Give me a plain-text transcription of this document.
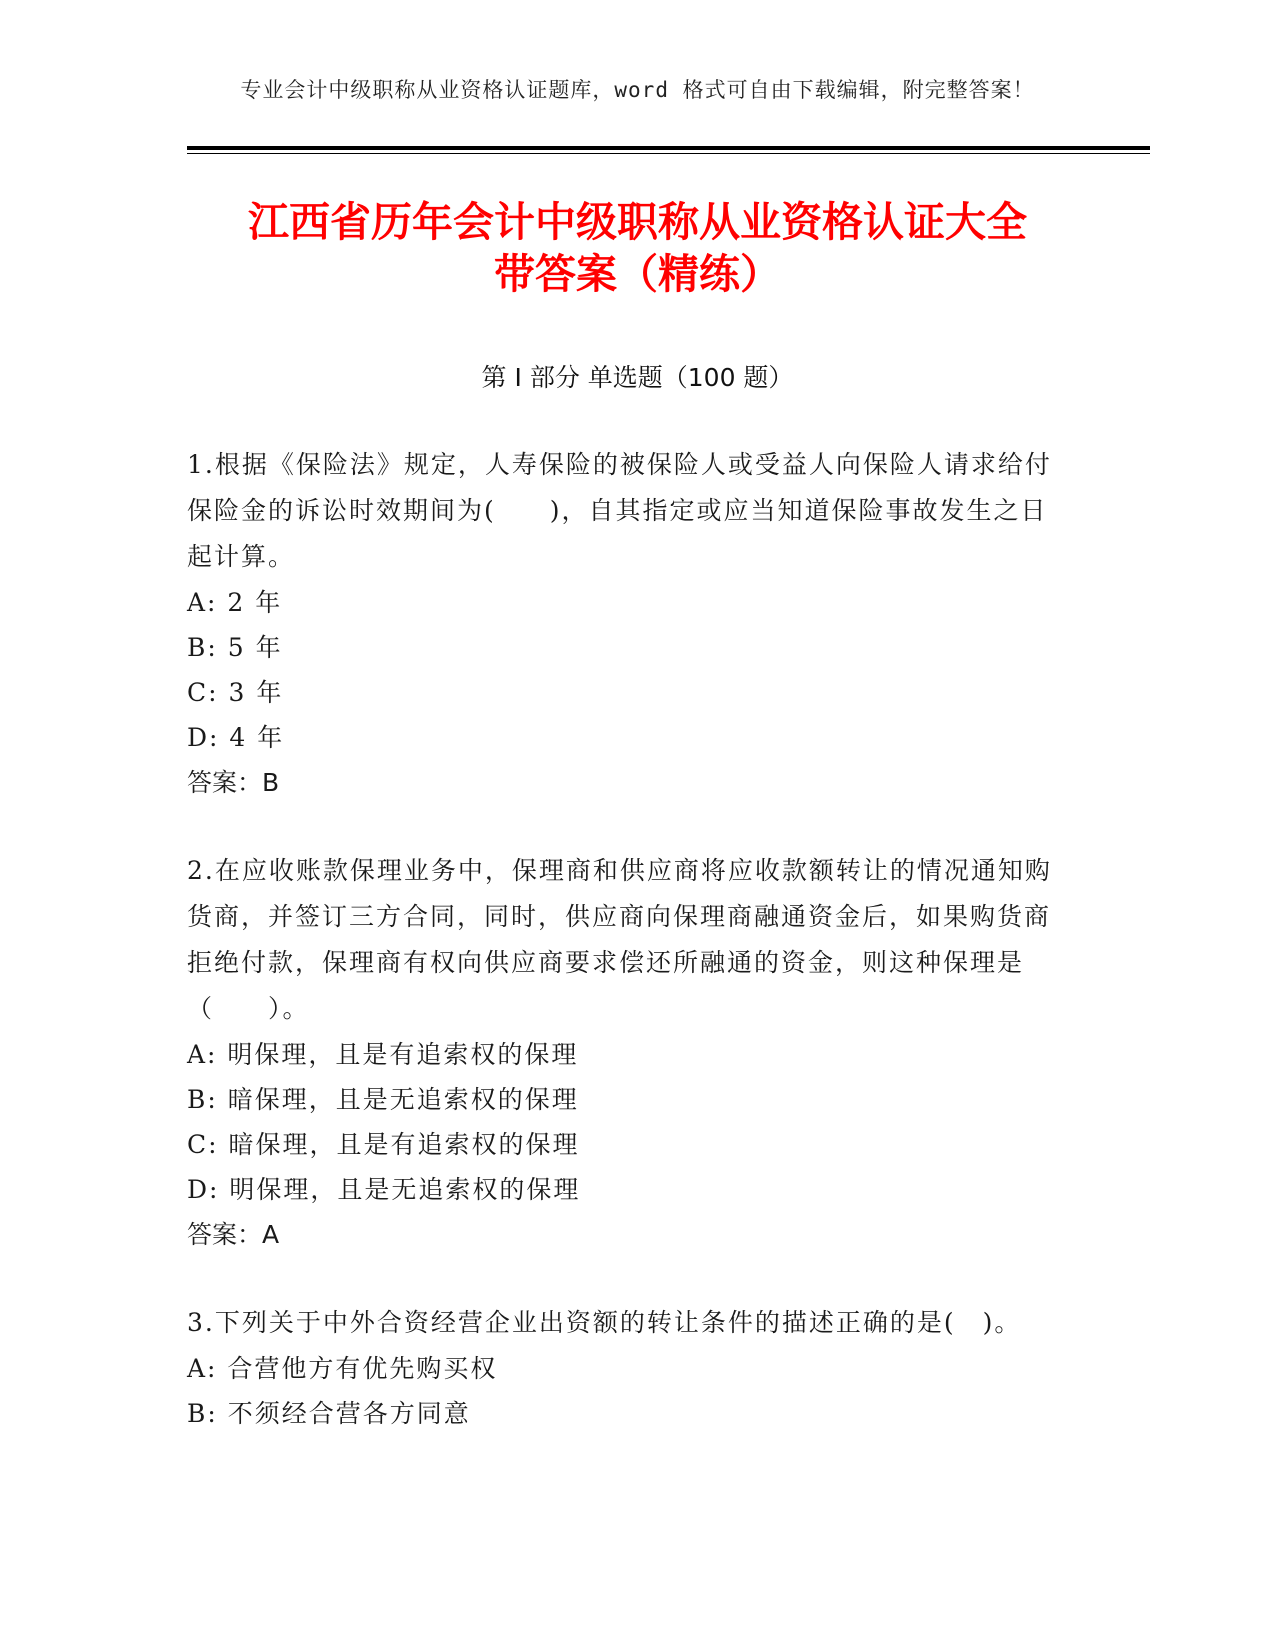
专业会计中级职称从业资格认证题库，word 格式可自由下载编辑，附完整答案！
江西省历年会计中级职称从业资格认证大全
带答案（精练）
第 I 部分 单选题（100 题）

1.根据《保险法》规定，人寿保险的被保险人或受益人向保险人请求给付保险金的诉讼时效期间为(　　)，自其指定或应当知道保险事故发生之日起计算。

A: 2 年

B: 5 年

C: 3 年

D: 4 年

答案：B

2.在应收账款保理业务中，保理商和供应商将应收款额转让的情况通知购货商，并签订三方合同，同时，供应商向保理商融通资金后，如果购货商拒绝付款，保理商有权向供应商要求偿还所融通的资金，则这种保理是（　　）。

A: 明保理，且是有追索权的保理

B: 暗保理，且是无追索权的保理

C: 暗保理，且是有追索权的保理

D: 明保理，且是无追索权的保理

答案：A

3.下列关于中外合资经营企业出资额的转让条件的描述正确的是(　)。

A: 合营他方有优先购买权

B: 不须经合营各方同意
